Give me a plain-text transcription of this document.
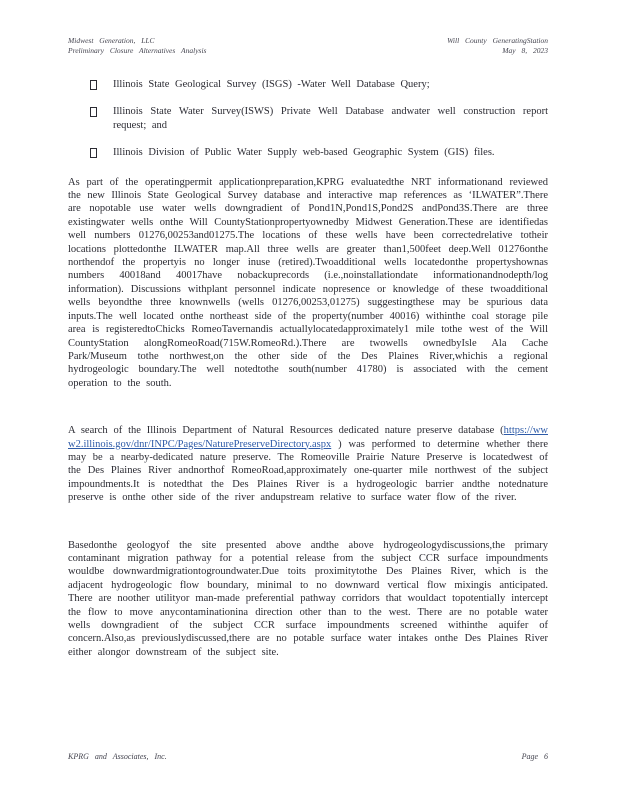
Midwest Generation, LLC
Preliminary Closure Alternatives Analysis
Will County GeneratingStation
May 8, 2023
Illinois State Geological Survey (ISGS) -Water Well Database Query;
Illinois State Water Survey(ISWS) Private Well Database andwater well construction report request; and
Illinois Division of Public Water Supply web-based Geographic System (GIS) files.

As part of the operatingpermit applicationpreparation,KPRG evaluatedthe NRT informationand reviewed the new Illinois State Geological Survey database and interactive map references as ‘ILWATER”.There are nopotable use water wells downgradient of Pond1N,Pond1S,Pond2S andPond3S.There are three existingwater wells onthe Will CountyStationpropertyownedby Midwest Generation.These are identifiedas well numbers 01276,00253and01275.The locations of these wells have been correctedrelative totheir locations plottedonthe ILWATER map.All three wells are greater than1,500feet deep.Well 01276onthe northendof the propertyis no longer inuse (retired).Twoadditional wells locatedonthe propertyshownas numbers 40018and 40017have nobackuprecords (i.e.,noinstallationdate informationandnodepth/log information). Discussions withplant personnel indicate nopresence or knowledge of these twoadditional wells beyondthe three knownwells (wells 01276,00253,01275) suggestingthese may be spurious data inputs.The well located onthe northeast side of the property(number 40016) withinthe coal storage pile area is registeredtoChicks RomeoTavernandis actuallylocatedapproximately1 mile tothe west of the Will CountyStation alongRomeoRoad(715W.RomeoRd.).There are twowells ownedbyIsle Ala Cache Park/Museum tothe northwest,on the other side of the Des Plaines River,whichis a regional hydrogeologic boundary.The well notedtothe south(number 41780) is associated with the cement operation to the south.

A search of the Illinois Department of Natural Resources dedicated nature preserve database (https://www2.illinois.gov/dnr/INPC/Pages/NaturePreserveDirectory.aspx ) was performed to determine whether there may be a nearby-dedicated nature preserve. The Romeoville Prairie Nature Preserve is locatedwest of the Des Plaines River andnorthof RomeoRoad,approximately one-quarter mile northwest of the subject impoundments.It is notedthat the Des Plaines River is a hydrogeologic barrier andthe notednature preserve is onthe other side of the river andupstream relative to surface water flow of the river.

Basedonthe geologyof the site presented above andthe above hydrogeologydiscussions,the primary contaminant migration pathway for a potential release from the subject CCR surface impoundments wouldbe downwardmigrationtogroundwater.Due toits proximitytothe Des Plaines River, which is the adjacent hydrogeologic flow boundary, minimal to no downward vertical flow mixingis anticipated. There are noother utilityor man-made preferential pathway corridors that wouldact topotentially intercept the flow to move anycontaminationina direction other than to the west. There are no potable water wells downgradient of the subject CCR surface impoundments screened withinthe aquifer of concern.Also,as previouslydiscussed,there are no potable surface water intakes onthe Des Plaines River either alongor downstream of the subject site.

KPRG and Associates, Inc.	Page 6
